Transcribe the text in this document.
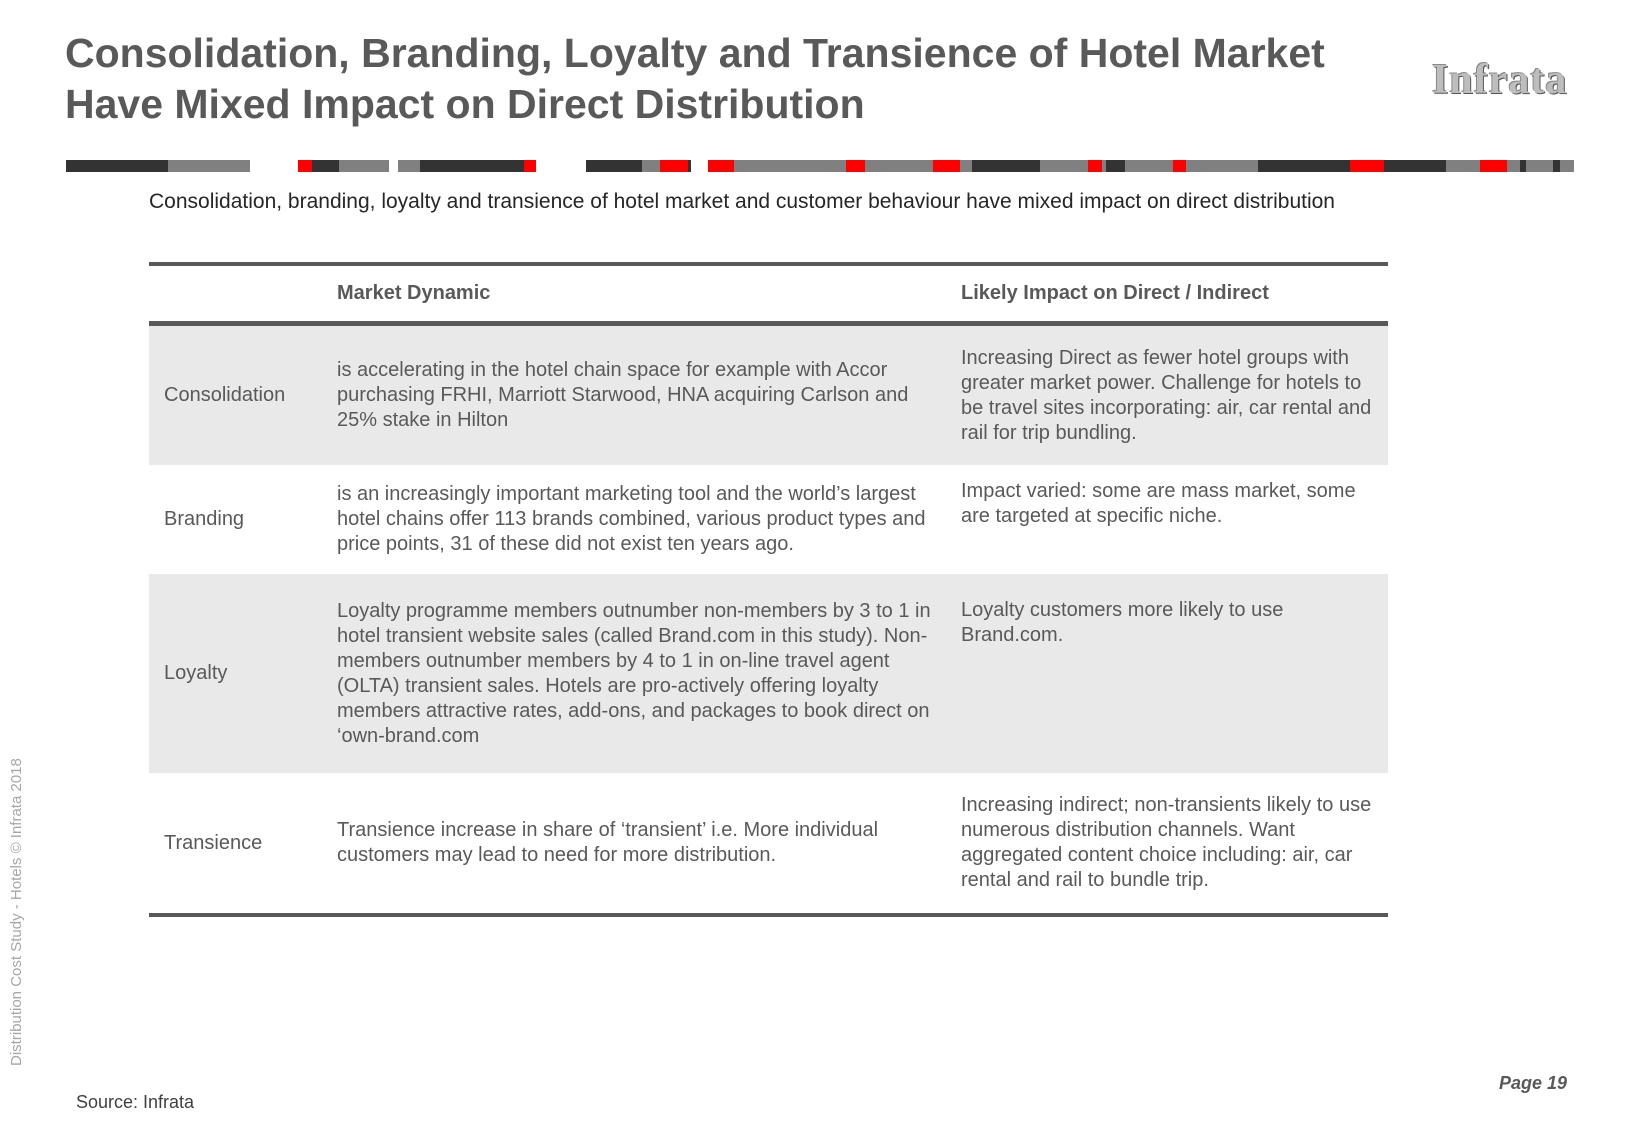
Consolidation, Branding, Loyalty and Transience of Hotel Market Have Mixed Impact on Direct Distribution
Infrata
Consolidation, branding, loyalty and transience of hotel market and customer behaviour have mixed impact on direct distribution
Market Dynamic	Likely Impact on Direct / Indirect
Consolidation
is accelerating in the hotel chain space for example with Accor purchasing FRHI, Marriott Starwood, HNA acquiring Carlson and 25% stake in Hilton
Increasing Direct as fewer hotel groups with greater market power. Challenge for hotels to be travel sites incorporating: air, car rental and rail for trip bundling.
Branding
is an increasingly important marketing tool and the world’s largest hotel chains offer 113 brands combined, various product types and price points, 31 of these did not exist ten years ago.
Impact varied: some are mass market, some are targeted at specific niche.
Loyalty
Loyalty programme members outnumber non-members by 3 to 1 in hotel transient website sales (called Brand.com in this study). Non-members outnumber members by 4 to 1 in on-line travel agent (OLTA) transient sales. Hotels are pro-actively offering loyalty members attractive rates, add-ons, and packages to book direct on ‘own-brand.com
Loyalty customers more likely to use Brand.com.
Transience
Transience increase in share of ‘transient’ i.e. More individual customers may lead to need for more distribution.
Increasing indirect; non-transients likely to use numerous distribution channels. Want aggregated content choice including: air, car rental and rail to bundle trip.
Distribution Cost Study - Hotels © Infrata 2018
Page 19
Source: Infrata
